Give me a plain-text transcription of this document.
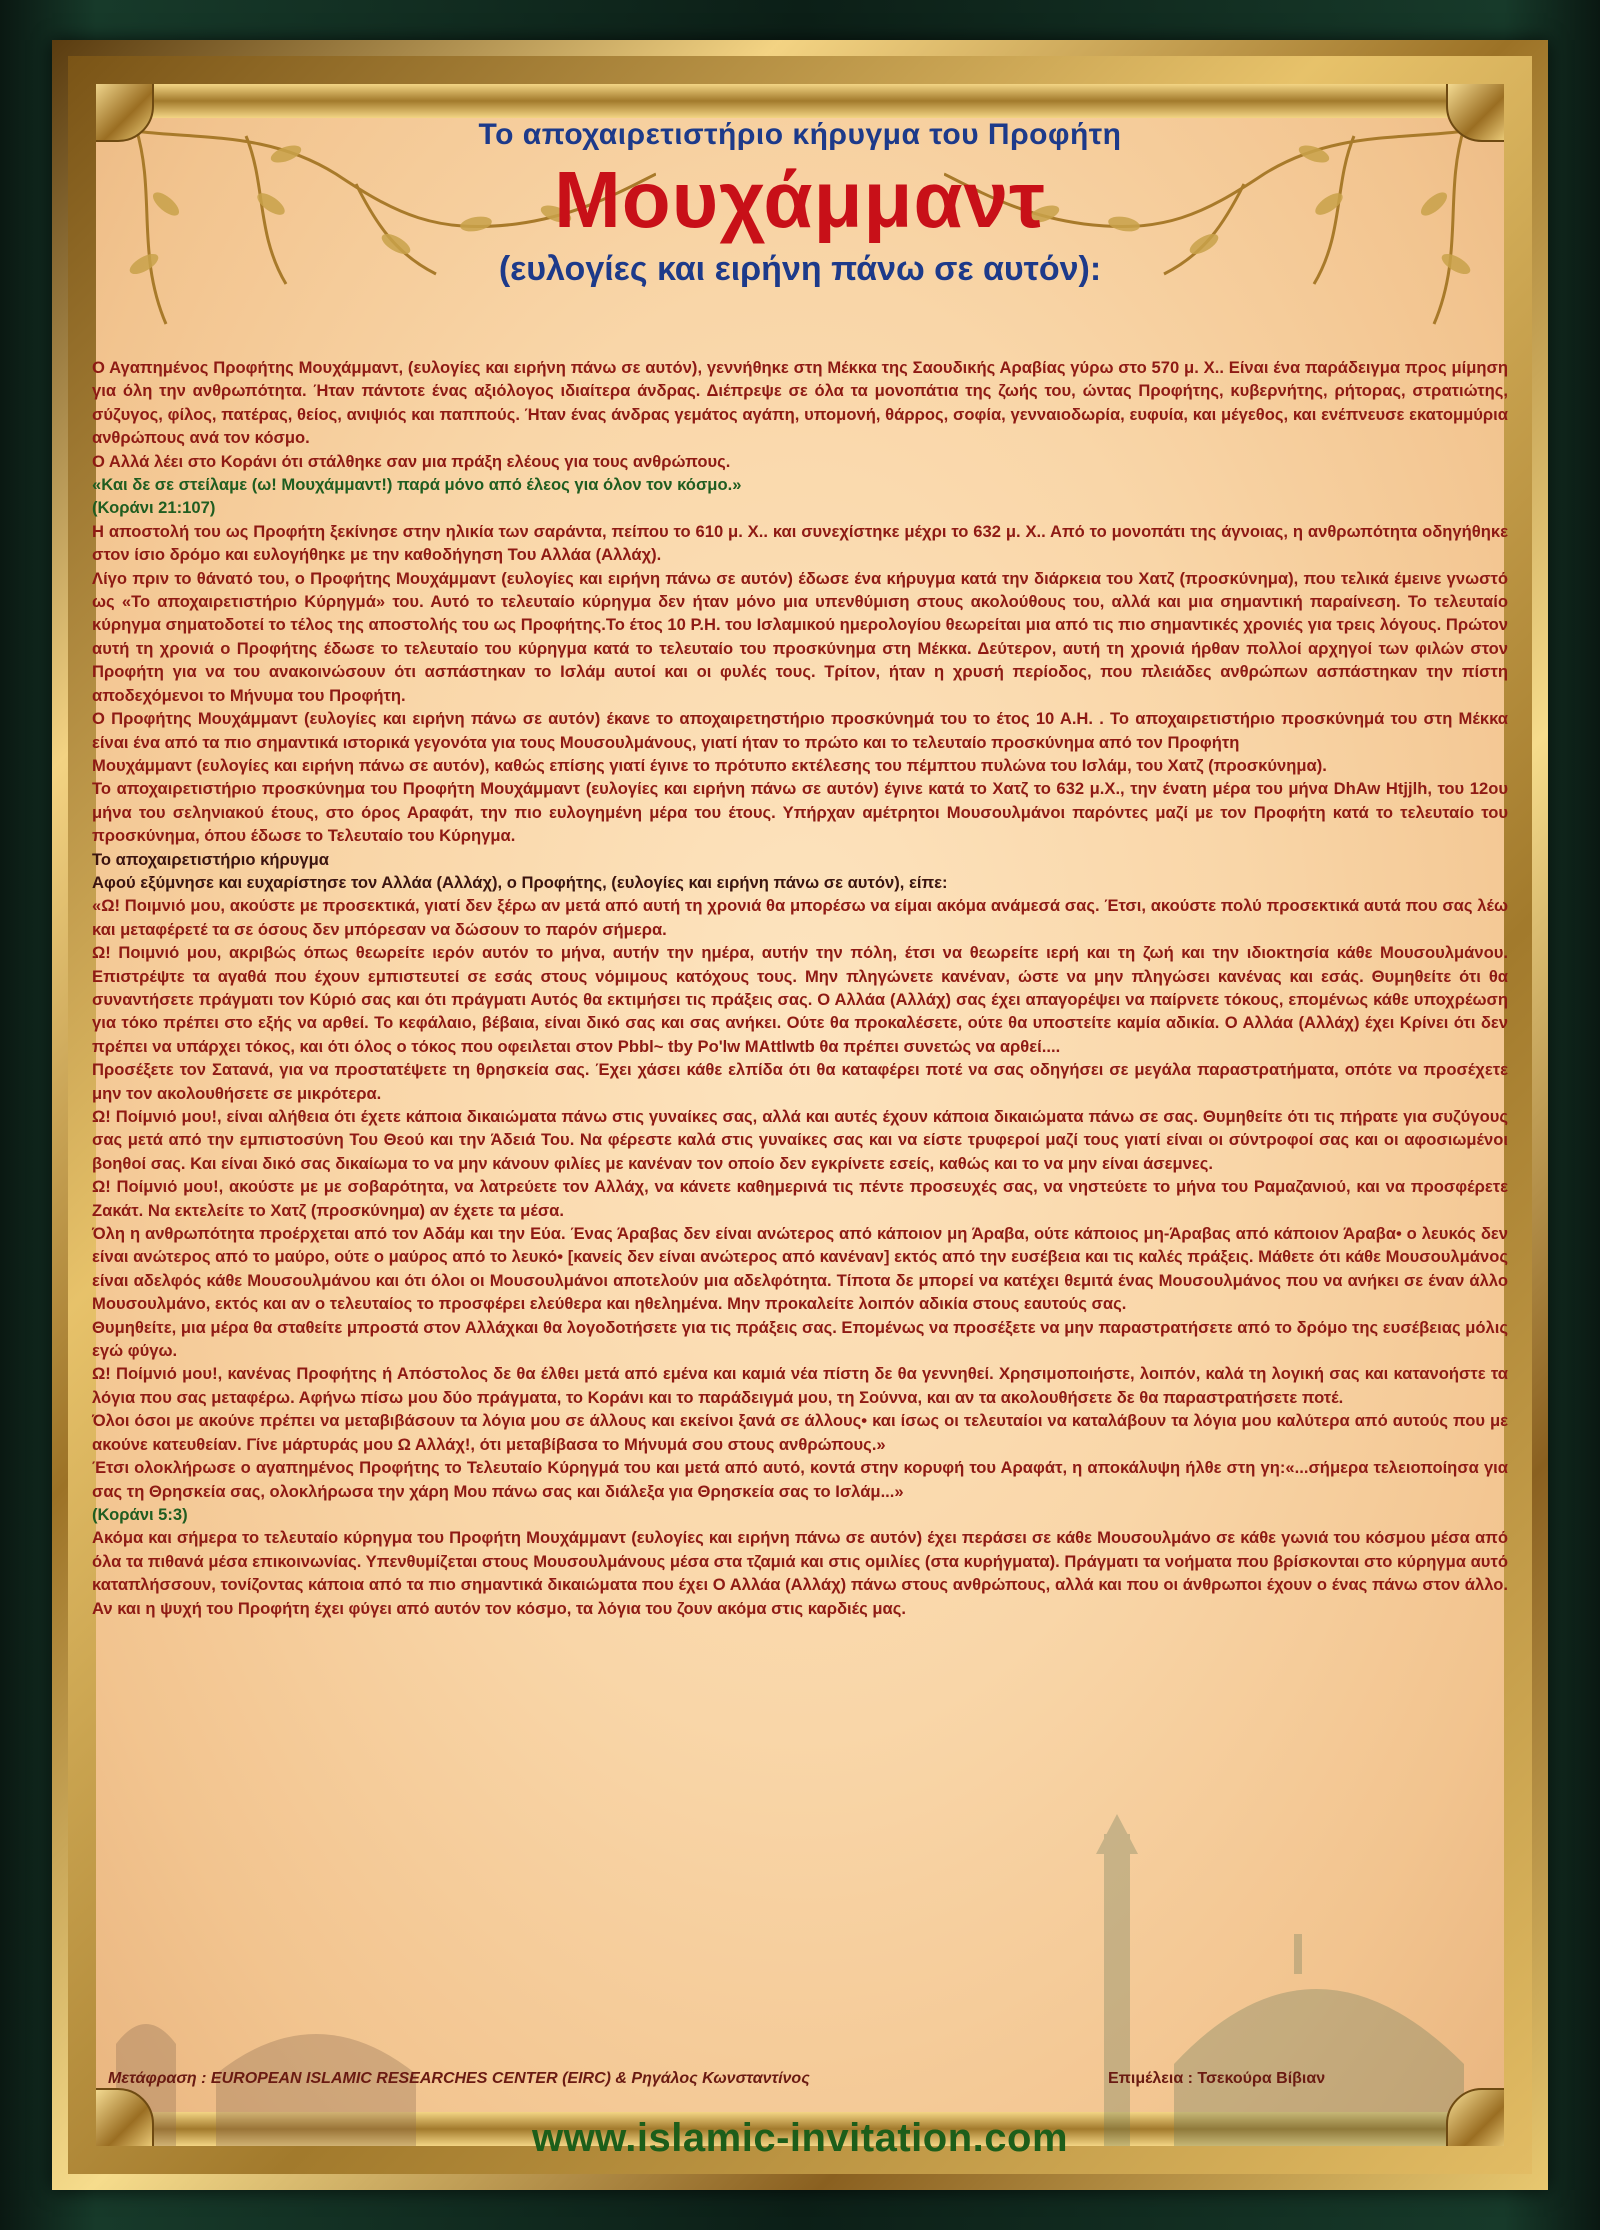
Το αποχαιρετιστήριο κήρυγμα του Προφήτη
Μουχάμμαντ
(ευλογίες και ειρήνη πάνω σε αυτόν):

Ο Αγαπημένος Προφήτης Μουχάμμαντ, (ευλογίες και ειρήνη πάνω σε αυτόν), γεννήθηκε στη Μέκκα της Σαουδικής Αραβίας γύρω στο 570 μ. Χ.. Είναι ένα παράδειγμα προς μίμηση για όλη την ανθρωπότητα. Ήταν πάντοτε ένας αξιόλογος ιδιαίτερα άνδρας. Διέπρεψε σε όλα τα μονοπάτια της ζωής του, ώντας Προφήτης, κυβερνήτης, ρήτορας, στρατιώτης, σύζυγος, φίλος, πατέρας, θείος, ανιψιός και παππούς. Ήταν ένας άνδρας γεμάτος αγάπη, υπομονή, θάρρος, σοφία, γενναιοδωρία, ευφυία, και μέγεθος, και ενέπνευσε εκατομμύρια ανθρώπους ανά τον κόσμο.

Ο Αλλά λέει στο Κοράνι ότι στάλθηκε σαν μια πράξη ελέους για τους ανθρώπους.

«Και δε σε στείλαμε (ω! Μουχάμμαντ!) παρά μόνο από έλεος για όλον τον κόσμο.»

(Κοράνι 21:107)

Η αποστολή του ως Προφήτη ξεκίνησε στην ηλικία των σαράντα, πείπου το 610 μ. Χ.. και συνεχίστηκε μέχρι το 632 μ. Χ.. Από το μονοπάτι της άγνοιας, η ανθρωπότητα οδηγήθηκε στον ίσιο δρόμο και ευλογήθηκε με την καθοδήγηση Του Αλλάα (Αλλάχ).

Λίγο πριν το θάνατό του, ο Προφήτης Μουχάμμαντ (ευλογίες και ειρήνη πάνω σε αυτόν) έδωσε ένα κήρυγμα κατά την διάρκεια του Χατζ (προσκύνημα), που τελικά έμεινε γνωστό ως «Το αποχαιρετιστήριο Κύρηγμά» του. Αυτό το τελευταίο κύρηγμα δεν ήταν μόνο μια υπενθύμιση στους ακολούθους του, αλλά και μια σημαντική παραίνεση. Το τελευταίο κύρηγμα σηματοδοτεί το τέλος της αποστολής του ως Προφήτης.Το έτος 10 Ρ.Η. του Ισλαμικού ημερολογίου θεωρείται μια από τις πιο σημαντικές χρονιές για τρεις λόγους. Πρώτον αυτή τη χρονιά ο Προφήτης έδωσε το τελευταίο του κύρηγμα κατά το τελευταίο του προσκύνημα στη Μέκκα. Δεύτερον, αυτή τη χρονιά ήρθαν πολλοί αρχηγοί των φιλών στον Προφήτη για να του ανακοινώσουν ότι ασπάστηκαν το Ισλάμ αυτοί και οι φυλές τους. Τρίτον, ήταν η χρυσή περίοδος, που πλειάδες ανθρώπων ασπάστηκαν την πίστη αποδεχόμενοι το Μήνυμα του Προφήτη.

Ο Προφήτης Μουχάμμαντ (ευλογίες και ειρήνη πάνω σε αυτόν) έκανε το αποχαιρετηστήριο προσκύνημά του το έτος 10 Α.Η. . Το αποχαιρετιστήριο προσκύνημά του στη Μέκκα είναι ένα από τα πιο σημαντικά ιστορικά γεγονότα για τους Μουσουλμάνους, γιατί ήταν το πρώτο και το τελευταίο προσκύνημα από τον Προφήτη

Μουχάμμαντ (ευλογίες και ειρήνη πάνω σε αυτόν), καθώς επίσης γιατί έγινε το πρότυπο εκτέλεσης του πέμπτου πυλώνα του Ισλάμ, του Χατζ (προσκύνημα).

Το αποχαιρετιστήριο προσκύνημα του Προφήτη Μουχάμμαντ (ευλογίες και ειρήνη πάνω σε αυτόν) έγινε κατά το Χατζ το 632 μ.Χ., την ένατη μέρα του μήνα DhAw Htjjlh, του 12ου μήνα του σεληνιακού έτους, στο όρος Αραφάτ, την πιο ευλογημένη μέρα του έτους. Υπήρχαν αμέτρητοι Μουσουλμάνοι παρόντες μαζί με τον Προφήτη κατά το τελευταίο του προσκύνημα, όπου έδωσε το Τελευταίο του Κύρηγμα.

Το αποχαιρετιστήριο κήρυγμα

Αφού εξύμνησε και ευχαρίστησε τον Αλλάα (Αλλάχ), ο Προφήτης, (ευλογίες και ειρήνη πάνω σε αυτόν), είπε:

«Ω! Ποιμνιό μου, ακούστε με προσεκτικά, γιατί δεν ξέρω αν μετά από αυτή τη χρονιά θα μπορέσω να είμαι ακόμα ανάμεσά σας. Έτσι, ακούστε πολύ προσεκτικά αυτά που σας λέω και μεταφέρετέ τα σε όσους δεν μπόρεσαν να δώσουν το παρόν σήμερα.

Ω! Ποιμνιό μου, ακριβώς όπως θεωρείτε ιερόν αυτόν το μήνα, αυτήν την ημέρα, αυτήν την πόλη, έτσι να θεωρείτε ιερή και τη ζωή και την ιδιοκτησία κάθε Μουσουλμάνου. Επιστρέψτε τα αγαθά που έχουν εμπιστευτεί σε εσάς στους νόμιμους κατόχους τους. Μην πληγώνετε κανέναν, ώστε να μην πληγώσει κανένας και εσάς. Θυμηθείτε ότι θα συναντήσετε πράγματι τον Κύριό σας και ότι πράγματι Αυτός θα εκτιμήσει τις πράξεις σας. Ο Αλλάα (Αλλάχ) σας έχει απαγορέψει να παίρνετε τόκους, επομένως κάθε υποχρέωση για τόκο πρέπει στο εξής να αρθεί. Το κεφάλαιο, βέβαια, είναι δικό σας και σας ανήκει. Ούτε θα προκαλέσετε, ούτε θα υποστείτε καμία αδικία. Ο Αλλάα (Αλλάχ) έχει Κρίνει ότι δεν πρέπει να υπάρχει τόκος, και ότι όλος ο τόκος που οφειλεται στον Pbbl~ tby Po'lw MAttlwtb θα πρέπει συνετώς να αρθεί....

Προσέξετε τον Σατανά, για να προστατέψετε τη θρησκεία σας. Έχει χάσει κάθε ελπίδα ότι θα καταφέρει ποτέ να σας οδηγήσει σε μεγάλα παραστρατήματα, οπότε να προσέχετε μην τον ακολουθήσετε σε μικρότερα.

Ω! Ποίμνιό μου!, είναι αλήθεια ότι έχετε κάποια δικαιώματα πάνω στις γυναίκες σας, αλλά και αυτές έχουν κάποια δικαιώματα πάνω σε σας. Θυμηθείτε ότι τις πήρατε για συζύγους σας μετά από την εμπιστοσύνη Του Θεού και την Άδειά Του. Να φέρεστε καλά στις γυναίκες σας και να είστε τρυφεροί μαζί τους γιατί είναι οι σύντροφοί σας και οι αφοσιωμένοι βοηθοί σας. Και είναι δικό σας δικαίωμα το να μην κάνουν φιλίες με κανέναν τον οποίο δεν εγκρίνετε εσείς, καθώς και το να μην είναι άσεμνες.

Ω! Ποίμνιό μου!, ακούστε με με σοβαρότητα, να λατρεύετε τον Αλλάχ, να κάνετε καθημερινά τις πέντε προσευχές σας, να νηστεύετε το μήνα του Ραμαζανιού, και να προσφέρετε Ζακάτ. Να εκτελείτε το Χατζ (προσκύνημα) αν έχετε τα μέσα.

Όλη η ανθρωπότητα προέρχεται από τον Αδάμ και την Εύα. Ένας Άραβας δεν είναι ανώτερος από κάποιον μη Άραβα, ούτε κάποιος μη-Άραβας από κάποιον Άραβα• ο λευκός δεν είναι ανώτερος από το μαύρο, ούτε ο μαύρος από το λευκό• [κανείς δεν είναι ανώτερος από κανέναν] εκτός από την ευσέβεια και τις καλές πράξεις. Μάθετε ότι κάθε Μουσουλμάνος είναι αδελφός κάθε Μουσουλμάνου και ότι όλοι οι Μουσουλμάνοι αποτελούν μια αδελφότητα. Τίποτα δε μπορεί να κατέχει θεμιτά ένας Μουσουλμάνος που να ανήκει σε έναν άλλο Μουσουλμάνο, εκτός και αν ο τελευταίος το προσφέρει ελεύθερα και ηθελημένα. Μην προκαλείτε λοιπόν αδικία στους εαυτούς σας.

Θυμηθείτε, μια μέρα θα σταθείτε μπροστά στον Αλλάχκαι θα λογοδοτήσετε για τις πράξεις σας. Επομένως να προσέξετε να μην παραστρατήσετε από το δρόμο της ευσέβειας μόλις εγώ φύγω.

Ω! Ποίμνιό μου!, κανένας Προφήτης ή Απόστολος δε θα έλθει μετά από εμένα και καμιά νέα πίστη δε θα γεννηθεί. Χρησιμοποιήστε, λοιπόν, καλά τη λογική σας και κατανοήστε τα λόγια που σας μεταφέρω. Αφήνω πίσω μου δύο πράγματα, το Κοράνι και το παράδειγμά μου, τη Σούννα, και αν τα ακολουθήσετε δε θα παραστρατήσετε ποτέ.

Όλοι όσοι με ακούνε πρέπει να μεταβιβάσουν τα λόγια μου σε άλλους και εκείνοι ξανά σε άλλους• και ίσως οι τελευταίοι να καταλάβουν τα λόγια μου καλύτερα από αυτούς που με ακούνε κατευθείαν. Γίνε μάρτυράς μου Ω Αλλάχ!, ότι μεταβίβασα το Μήνυμά σου στους ανθρώπους.»

Έτσι ολοκλήρωσε ο αγαπημένος Προφήτης το Τελευταίο Κύρηγμά του και μετά από αυτό, κοντά στην κορυφή του Αραφάτ, η αποκάλυψη ήλθε στη γη:«...σήμερα τελειοποίησα για σας τη Θρησκεία σας, ολοκλήρωσα την χάρη Μου πάνω σας και διάλεξα για Θρησκεία σας το Ισλάμ...»

(Κοράνι 5:3)

Ακόμα και σήμερα το τελευταίο κύρηγμα του Προφήτη Μουχάμμαντ (ευλογίες και ειρήνη πάνω σε αυτόν) έχει περάσει σε κάθε Μουσουλμάνο σε κάθε γωνιά του κόσμου μέσα από όλα τα πιθανά μέσα επικοινωνίας. Υπενθυμίζεται στους Μουσουλμάνους μέσα στα τζαμιά και στις ομιλίες (στα κυρήγματα). Πράγματι τα νοήματα που βρίσκονται στο κύρηγμα αυτό καταπλήσσουν, τονίζοντας κάποια από τα πιο σημαντικά δικαιώματα που έχει Ο Αλλάα (Αλλάχ) πάνω στους ανθρώπους, αλλά και που οι άνθρωποι έχουν ο ένας πάνω στον άλλο. Αν και η ψυχή του Προφήτη έχει φύγει από αυτόν τον κόσμο, τα λόγια του ζουν ακόμα στις καρδιές μας.

Μετάφραση : EUROPEAN ISLAMIC RESEARCHES CENTER (EIRC) & Ρηγάλος Κωνσταντίνος	Επιμέλεια : Τσεκούρα Βίβιαν
www.islamic-invitation.com
